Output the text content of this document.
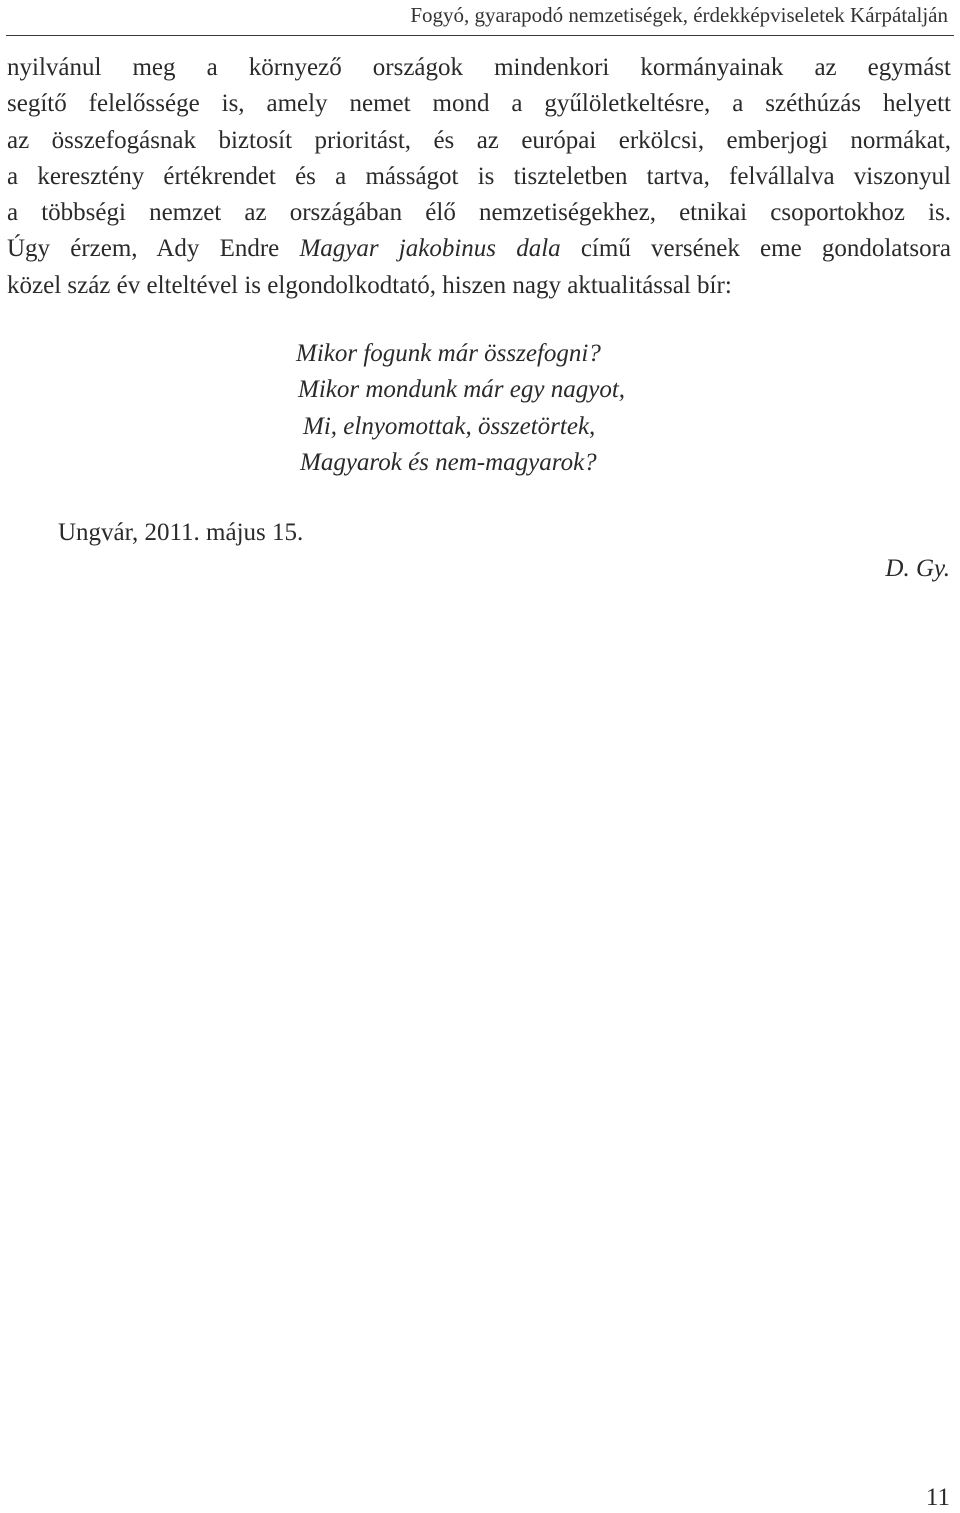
Fogyó, gyarapodó nemzetiségek, érdekképviseletek Kárpátalján
nyilvánul meg a környező országok mindenkori kormányainak az egymást
segítő felelőssége is, amely nemet mond a gyűlöletkeltésre, a széthúzás helyett
az összefogásnak biztosít prioritást, és az európai erkölcsi, emberjogi normákat,
a keresztény értékrendet és a másságot is tiszteletben tartva, felvállalva viszonyul
a többségi nemzet az országában élő nemzetiségekhez, etnikai csoportokhoz is.
Úgy érzem, Ady Endre Magyar jakobinus dala című versének eme gondolatsora
közel száz év elteltével is elgondolkodtató, hiszen nagy aktualitással bír:
Mikor fogunk már összefogni?
Mikor mondunk már egy nagyot,
Mi, elnyomottak, összetörtek,
Magyarok és nem-magyarok?
Ungvár, 2011. május 15.
D. Gy.
11
